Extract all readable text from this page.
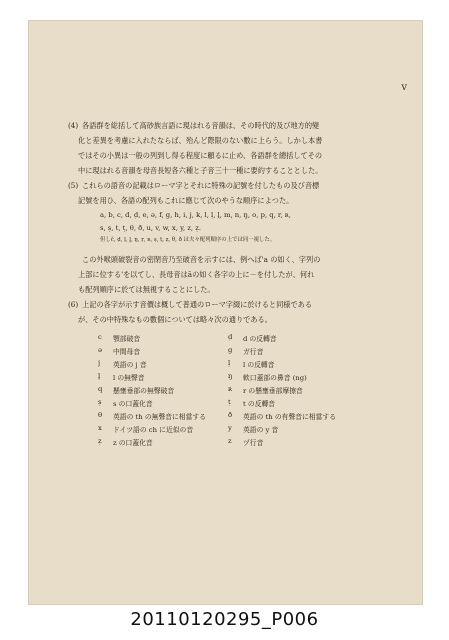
v
(4) 各語群を総括して高砂族言語に現はれる音韻は、その時代的及び地方的變
化と差異を考慮に入れたならば、殆んど際限のない數に上らう。しかし本書
ではその小異は一般の列到し得る程度に顧るに止め、各語群を總括してその
中に現はれる音韻を母音長短各六種と子音三十一種に要約することとした。
(5) これらの語音の記載はローマ字とそれに特殊の記號を付したもの及び音標
記號を用ひ、各語の配列もこれに應じて次のやうな順序によつた。
a, b, c, d, ḍ, e, ə, f, g, h, i, j, k, l, ḷ, ḽ, m, n, ŋ, o, p, q, r, ʀ,
s, ṣ, t, ṭ, θ, ð, u, v, w, x, y, z, ẓ.
但しč, ḍ, ḷ, ḽ, ŋ, ṛ, ʀ, ṣ, ṭ, ẓ, θ, ð は夫々配列順序の上では同一視した。
この外喉頭破裂音の密閉音乃至破音を示すには、例へば'a の如く、字列の
上部に位する'を以てし、長母音はāの如く各字の上に－を付したが、何れ
も配列順序に於ては無視することにした。
(6) 上記の各字が示す音價は概して普通のローマ字綴に於けると同様である
が、その中特殊なもの數個については略々次の通りである。
c	顎部破音	ḍ	d の反轉音
ə	中間母音	g	ガ行音
j	英語の j 音	ḷ	l の反轉音
ḽ	l の無聲音	ŋ	軟口蓋部の鼻音 (ng)
q	懸壅垂部の無聲破音	ʀ	r の懸壅垂部摩擦音
ṣ	s の口蓋化音	ṭ	t の反轉音
θ	英語の th の無聲音に相當する	ð	英語の th の有聲音に相當する
x	ドイツ語の ch に近似の音	y	英語の y 音
ẓ	z の口蓋化音	z	ヅ行音
20110120295_P006
